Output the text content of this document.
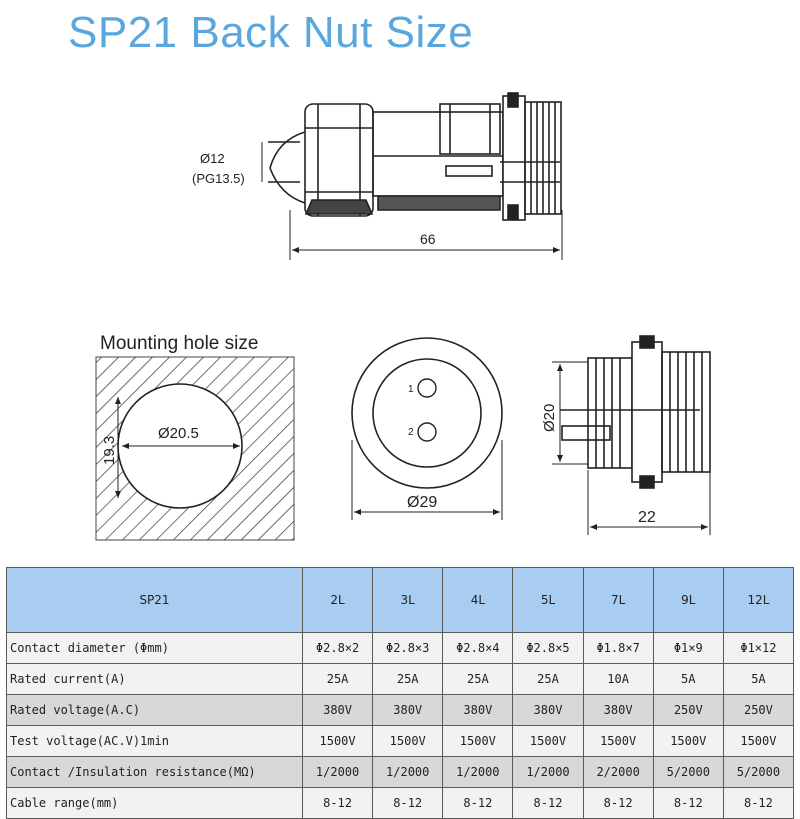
SP21 Back Nut Size
Ø12
(PG13.5)
66
Mounting hole size
Ø20.5
19.3
1
2
Ø29
Ø20
22
SP21	2L	3L	4L	5L	7L	9L	12L
Contact diameter (Φmm)	Φ2.8×2	Φ2.8×3	Φ2.8×4	Φ2.8×5	Φ1.8×7	Φ1×9	Φ1×12
Rated current(A)	25A	25A	25A	25A	10A	5A	5A
Rated voltage(A.C)	380V	380V	380V	380V	380V	250V	250V
Test voltage(AC.V)1min	1500V	1500V	1500V	1500V	1500V	1500V	1500V
Contact /Insulation resistance(MΩ)	1/2000	1/2000	1/2000	1/2000	2/2000	5/2000	5/2000
Cable range(mm)	8-12	8-12	8-12	8-12	8-12	8-12	8-12
